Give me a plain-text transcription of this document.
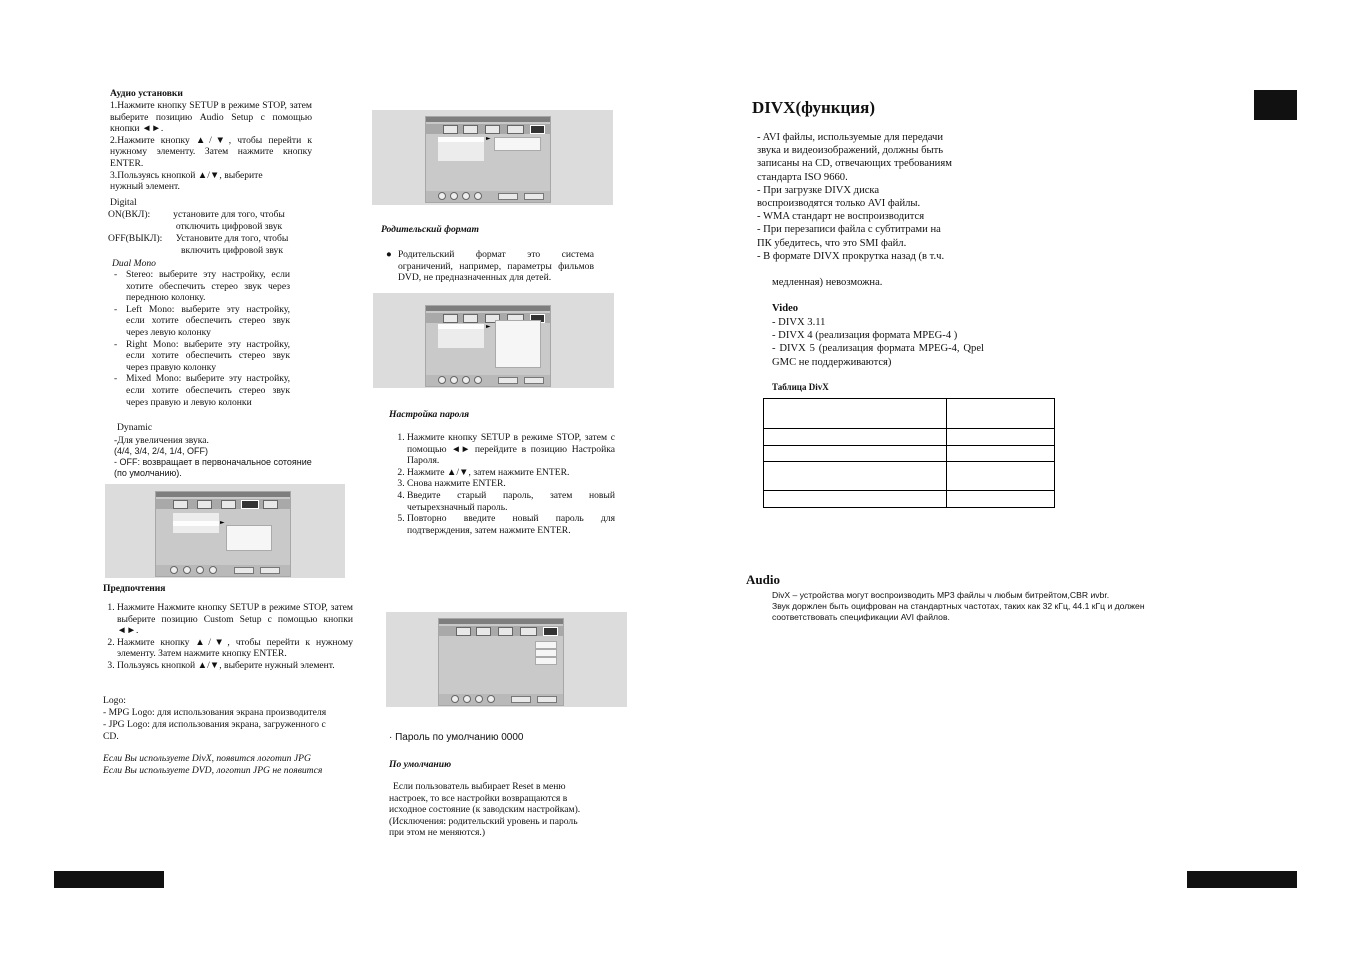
Аудио установки
1.Нажмите кнопку SETUP в режиме STOP, затем выберите позицию Audio Setup с помощью кнопки ◄►.
2.Нажмите кнопку ▲/▼, чтобы перейти к нужному элементу. Затем нажмите кнопку ENTER.
3.Пользуясь кнопкой ▲/▼, выберите нужный элемент.
Digital
ON(ВКЛ):	установите для того, чтобы отключить цифровой звук
OFF(ВЫКЛ):	Установите для того, чтобы включить цифровой звук
Dual Mono
- Stereo: выберите эту настройку, если хотите обеспечить стерео звук через переднюю колонку.
- Left Mono: выберите эту настройку, если хотите обеспечить стерео звук через левую колонку
- Right Mono: выберите эту настройку, если хотите обеспечить стерео звук через правую колонку
- Mixed Mono: выберите эту настройку, если хотите обеспечить стерео звук через правую и левую колонки
Dynamic
-Для увеличения звука.
(4/4, 3/4, 2/4, 1/4, OFF)
- OFF: возвращает в первоначальное сотояние
(по умолчанию).
►
Предпочтения
1. Нажмите Нажмите кнопку SETUP в режиме STOP, затем выберите позицию Custom Setup с помощью кнопки ◄►.
2. Нажмите кнопку ▲/▼, чтобы перейти к нужному элементу. Затем нажмите кнопку ENTER.
3. Пользуясь кнопкой ▲/▼, выберите нужный элемент.
Logo:
- MPG Logo: для использования экрана производителя
- JPG Logo: для использования экрана, загруженного с CD.
Если Вы используете DivX, появится логотип JPG
Если Вы используете DVD, логотип JPG не появится
►
Родительский формат
● Родительский формат это система ограничений, например, параметры фильмов DVD, не предназначенных для детей.
►
Настройка пароля
1. Нажмите кнопку SETUP в режиме STOP, затем с помощью ◄► перейдите в позицию Настройка Пароля.
2. Нажмите ▲/▼, затем нажмите ENTER.
3. Снова нажмите ENTER.
4. Введите старый пароль, затем новый четырехзначный пароль.
5. Повторно введите новый пароль для подтверждения, затем нажмите ENTER.
· Пароль по умолчанию 0000
По умолчанию
Если пользователь выбирает Reset в меню
настроек, то все настройки возвращаются в
исходное состояние (к заводским настройкам).
(Исключения: родительский уровень и пароль
при этом не меняются.)
DIVX(функция)
- AVI файлы, используемые для передачи
звука и видеоизображений, должны быть
записаны на CD, отвечающих требованиям
стандарта ISO 9660.
- При загрузке DIVX диска
воспроизводятся только AVI файлы.
- WMA стандарт не воспроизводится
- При перезаписи файла с субтитрами на
ПК убедитесь, что это SMI файл.
- В формате DIVX прокрутка назад (в т.ч.
медленная) невозможна.
Video
- DIVX 3.11
- DIVX 4 (реализация формата MPEG-4 )
- DIVX 5 (реализация формата MPEG-4, Qpel GMC не поддерживаются)
Таблица DivX

Audio
DivX – устройства могут воспроизводить MP3 файлы ч любым битрейтом,CBR иvbr.
Звук доржлен быть оцифрован на стандартных частотах, таких как 32 кГц, 44.1 кГц и должен
соответствовать спецификации AVI файлов.
